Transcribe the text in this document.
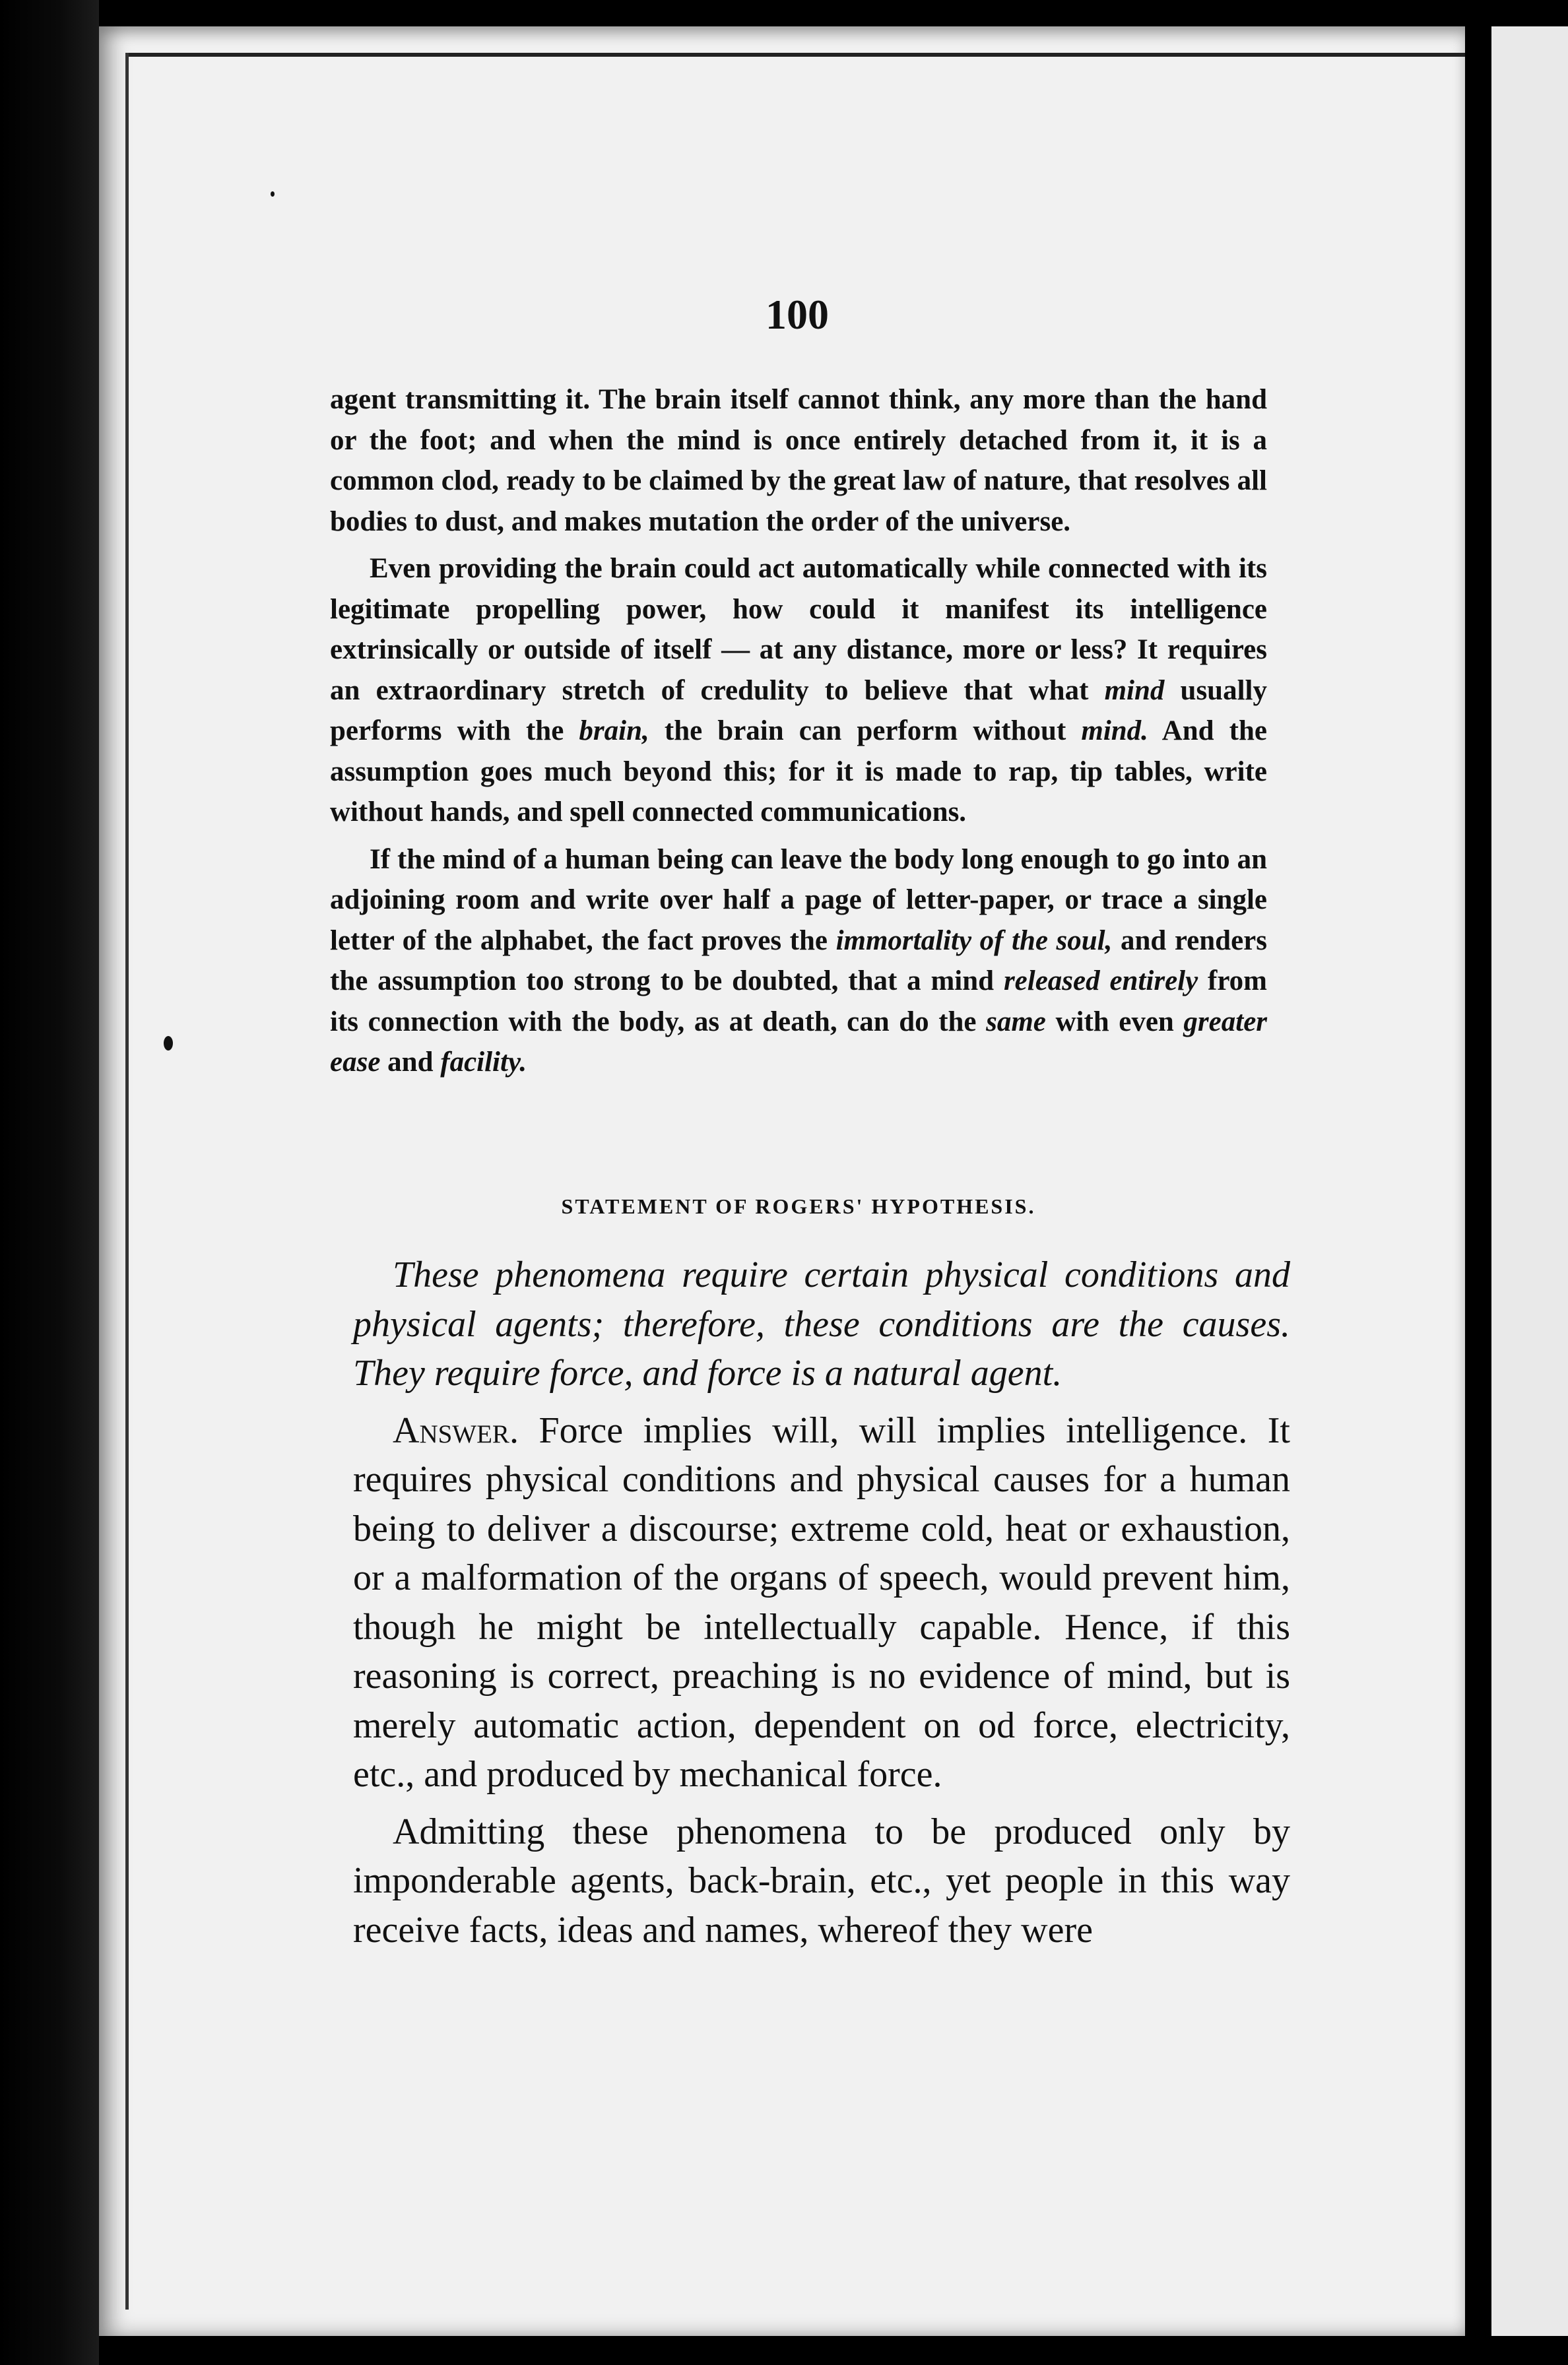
100

agent transmitting it. The brain itself cannot think, any more than the hand or the foot; and when the mind is once entirely detached from it, it is a common clod, ready to be claimed by the great law of nature, that resolves all bodies to dust, and makes mutation the order of the universe.

Even providing the brain could act automatically while connected with its legitimate propelling power, how could it manifest its intelligence extrinsically or outside of itself — at any distance, more or less? It requires an extraordinary stretch of credulity to believe that what mind usually performs with the brain, the brain can perform without mind. And the assumption goes much beyond this; for it is made to rap, tip tables, write without hands, and spell connected communications.

If the mind of a human being can leave the body long enough to go into an adjoining room and write over half a page of letter-paper, or trace a single letter of the alphabet, the fact proves the immortality of the soul, and renders the assumption too strong to be doubted, that a mind released entirely from its connection with the body, as at death, can do the same with even greater ease and facility.

STATEMENT OF ROGERS' HYPOTHESIS.

These phenomena require certain physical conditions and physical agents; therefore, these conditions are the causes. They require force, and force is a natural agent.

Answer. Force implies will, will implies intelligence. It requires physical conditions and physical causes for a human being to deliver a discourse; extreme cold, heat or exhaustion, or a malformation of the organs of speech, would prevent him, though he might be intellectually capable. Hence, if this reasoning is correct, preaching is no evidence of mind, but is merely automatic action, dependent on od force, electricity, etc., and produced by mechanical force.

Admitting these phenomena to be produced only by imponderable agents, back-brain, etc., yet people in this way receive facts, ideas and names, whereof they were
